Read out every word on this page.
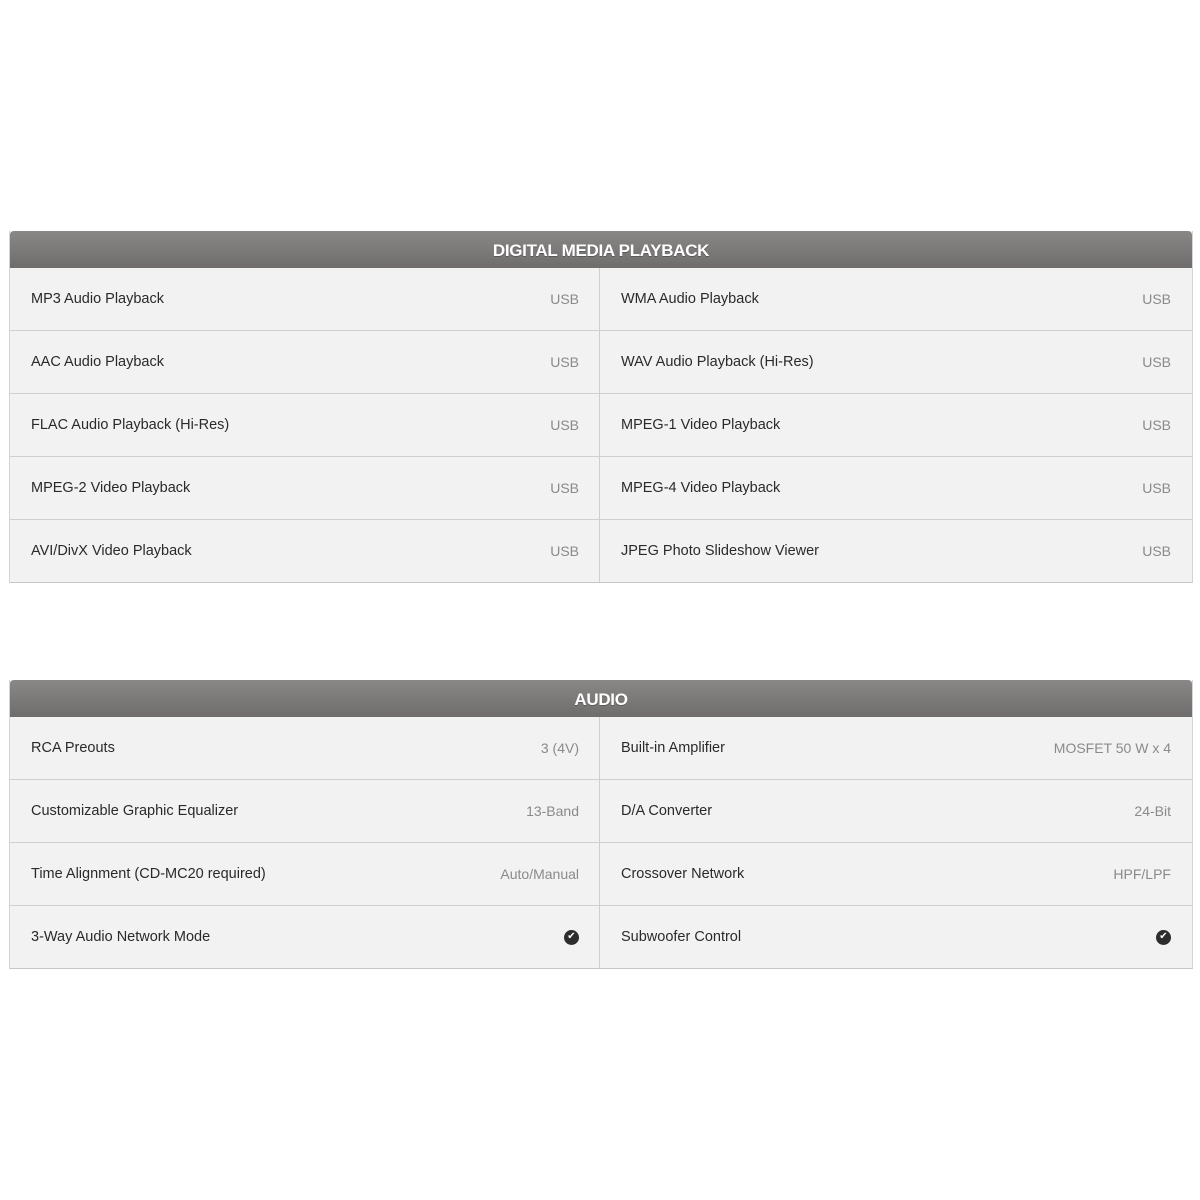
DIGITAL MEDIA PLAYBACK
MP3 Audio Playback	USB	WMA Audio Playback	USB
AAC Audio Playback	USB	WAV Audio Playback (Hi-Res)	USB
FLAC Audio Playback (Hi-Res)	USB	MPEG-1 Video Playback	USB
MPEG-2 Video Playback	USB	MPEG-4 Video Playback	USB
AVI/DivX Video Playback	USB	JPEG Photo Slideshow Viewer	USB
AUDIO
RCA Preouts	3 (4V)	Built-in Amplifier	MOSFET 50 W x 4
Customizable Graphic Equalizer	13-Band	D/A Converter	24-Bit
Time Alignment (CD-MC20 required)	Auto/Manual	Crossover Network	HPF/LPF
3-Way Audio Network Mode	✔	Subwoofer Control	✔
